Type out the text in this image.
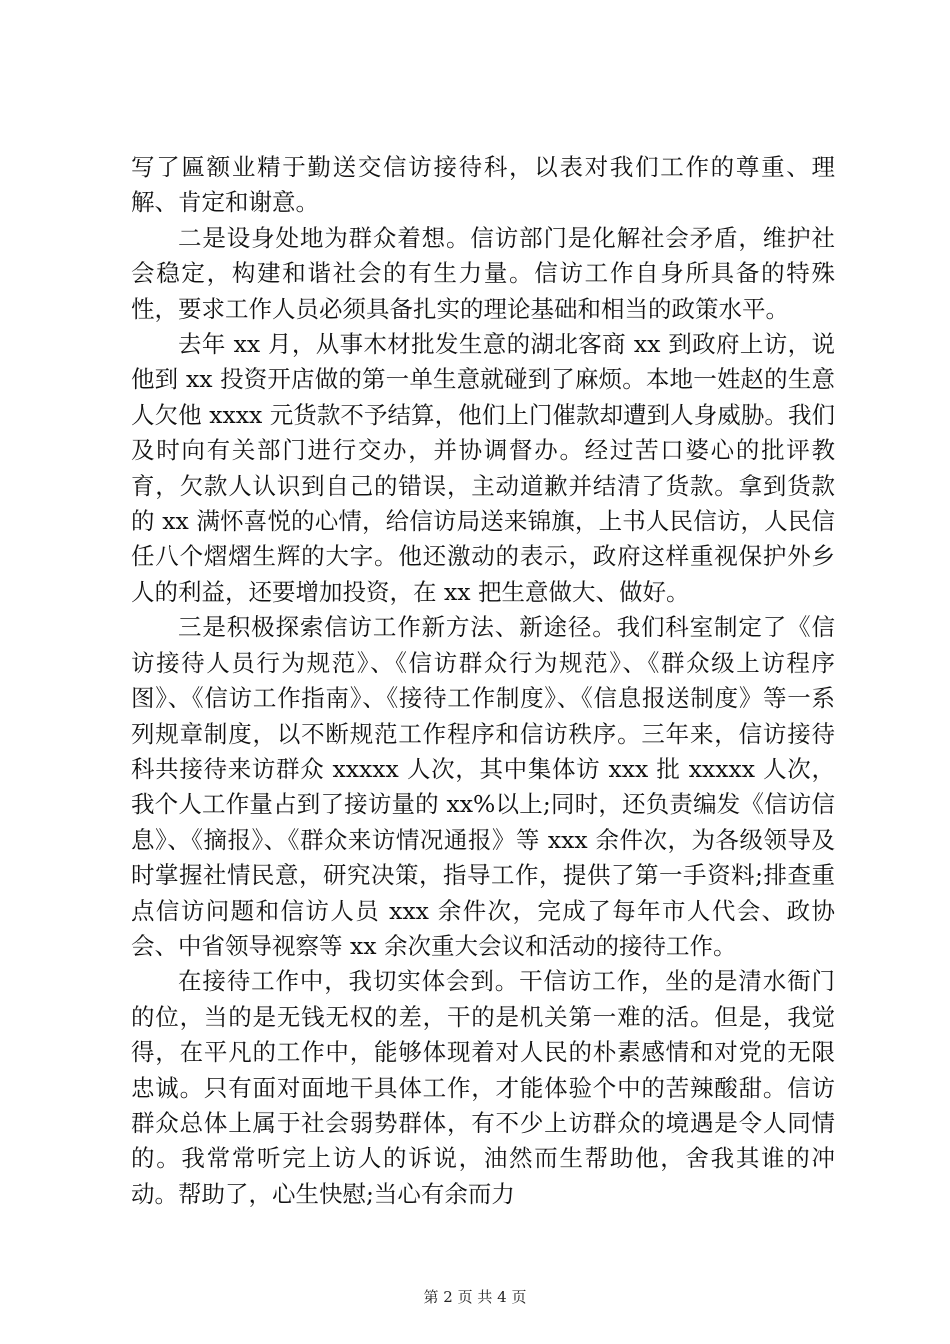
写了匾额业精于勤送交信访接待科，以表对我们工作的尊重、理解、肯定和谢意。

二是设身处地为群众着想。信访部门是化解社会矛盾，维护社会稳定，构建和谐社会的有生力量。信访工作自身所具备的特殊性，要求工作人员必须具备扎实的理论基础和相当的政策水平。

去年 xx 月，从事木材批发生意的湖北客商 xx 到政府上访，说他到 xx 投资开店做的第一单生意就碰到了麻烦。本地一姓赵的生意人欠他 xxxx 元货款不予结算，他们上门催款却遭到人身威胁。我们及时向有关部门进行交办，并协调督办。经过苦口婆心的批评教育，欠款人认识到自己的错误，主动道歉并结清了货款。拿到货款的 xx 满怀喜悦的心情，给信访局送来锦旗，上书人民信访，人民信任八个熠熠生辉的大字。他还激动的表示，政府这样重视保护外乡人的利益，还要增加投资，在 xx 把生意做大、做好。

三是积极探索信访工作新方法、新途径。我们科室制定了《信访接待人员行为规范》、《信访群众行为规范》、《群众级上访程序图》、《信访工作指南》、《接待工作制度》、《信息报送制度》等一系列规章制度，以不断规范工作程序和信访秩序。三年来，信访接待科共接待来访群众 xxxxx 人次，其中集体访 xxx 批 xxxxx 人次，我个人工作量占到了接访量的 xx%以上;同时，还负责编发《信访信息》、《摘报》、《群众来访情况通报》等 xxx 余件次，为各级领导及时掌握社情民意，研究决策，指导工作，提供了第一手资料;排查重点信访问题和信访人员 xxx 余件次，完成了每年市人代会、政协会、中省领导视察等 xx 余次重大会议和活动的接待工作。

在接待工作中，我切实体会到。干信访工作，坐的是清水衙门的位，当的是无钱无权的差，干的是机关第一难的活。但是，我觉得，在平凡的工作中，能够体现着对人民的朴素感情和对党的无限忠诚。只有面对面地干具体工作，才能体验个中的苦辣酸甜。信访群众总体上属于社会弱势群体，有不少上访群众的境遇是令人同情的。我常常听完上访人的诉说，油然而生帮助他，舍我其谁的冲动。帮助了，心生快慰;当心有余而力

第 2 页 共 4 页
